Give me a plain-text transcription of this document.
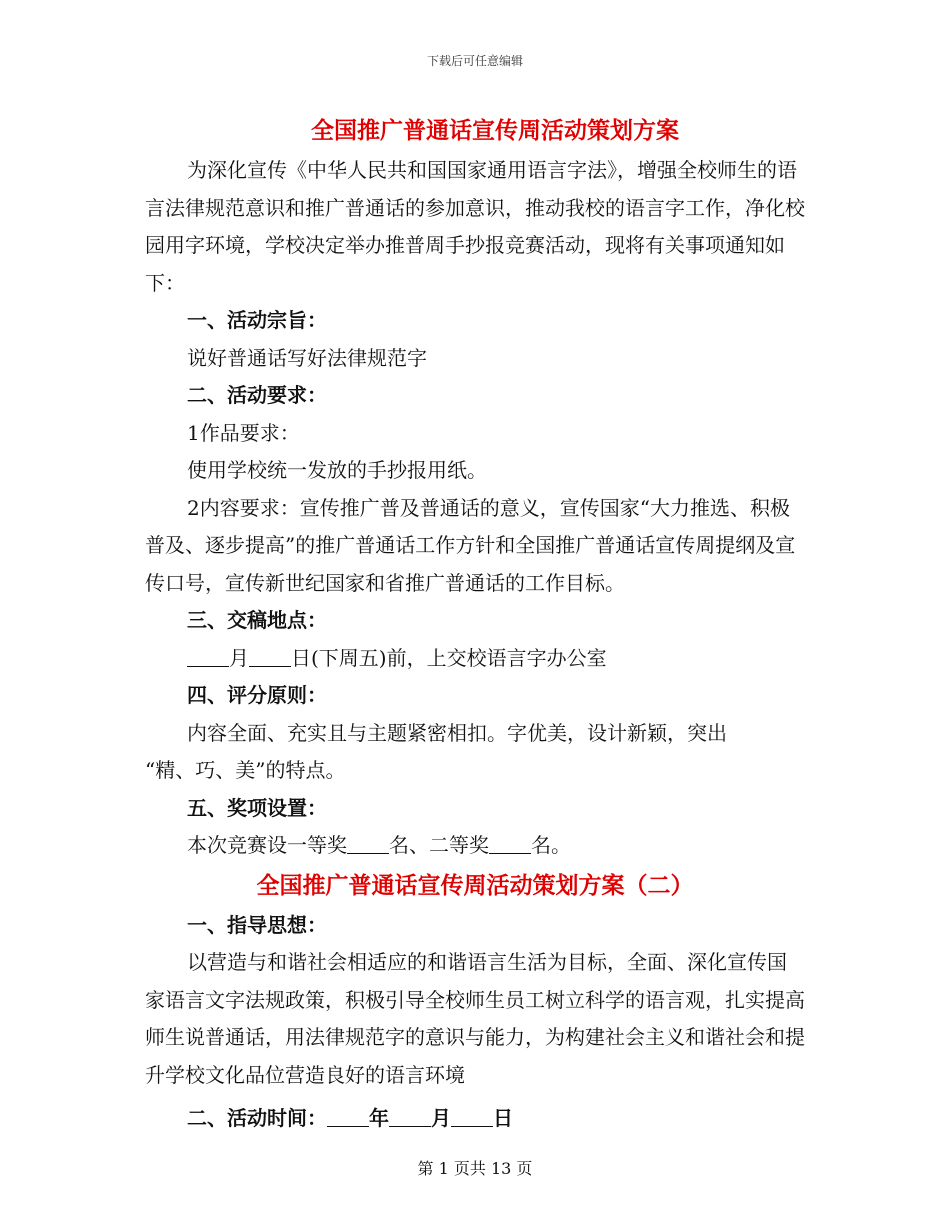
下载后可任意编辑
全国推广普通话宣传周活动策划方案

为深化宣传《中华人民共和国国家通用语言字法》，增强全校师生的语言法律规范意识和推广普通话的参加意识，推动我校的语言字工作，净化校园用字环境，学校决定举办推普周手抄报竞赛活动，现将有关事项通知如下：

一、活动宗旨：

说好普通话写好法律规范字

二、活动要求：

1作品要求：

使用学校统一发放的手抄报用纸。

2内容要求：宣传推广普及普通话的意义，宣传国家“大力推选、积极普及、逐步提高”的推广普通话工作方针和全国推广普通话宣传周提纲及宣传口号，宣传新世纪国家和省推广普通话的工作目标。

三、交稿地点：

月 日(下周五)前，上交校语言字办公室

四、评分原则：

内容全面、充实且与主题紧密相扣。字优美，设计新颖，突出

“精、巧、美”的特点。

五、奖项设置：

本次竞赛设一等奖 名、二等奖 名。

全国推广普通话宣传周活动策划方案（二）

一、指导思想：

以营造与和谐社会相适应的和谐语言生活为目标，全面、深化宣传国家语言文字法规政策，积极引导全校师生员工树立科学的语言观，扎实提高师生说普通话，用法律规范字的意识与能力，为构建社会主义和谐社会和提升学校文化品位营造良好的语言环境

二、活动时间： 年 月 日

第 1 页共 13 页
